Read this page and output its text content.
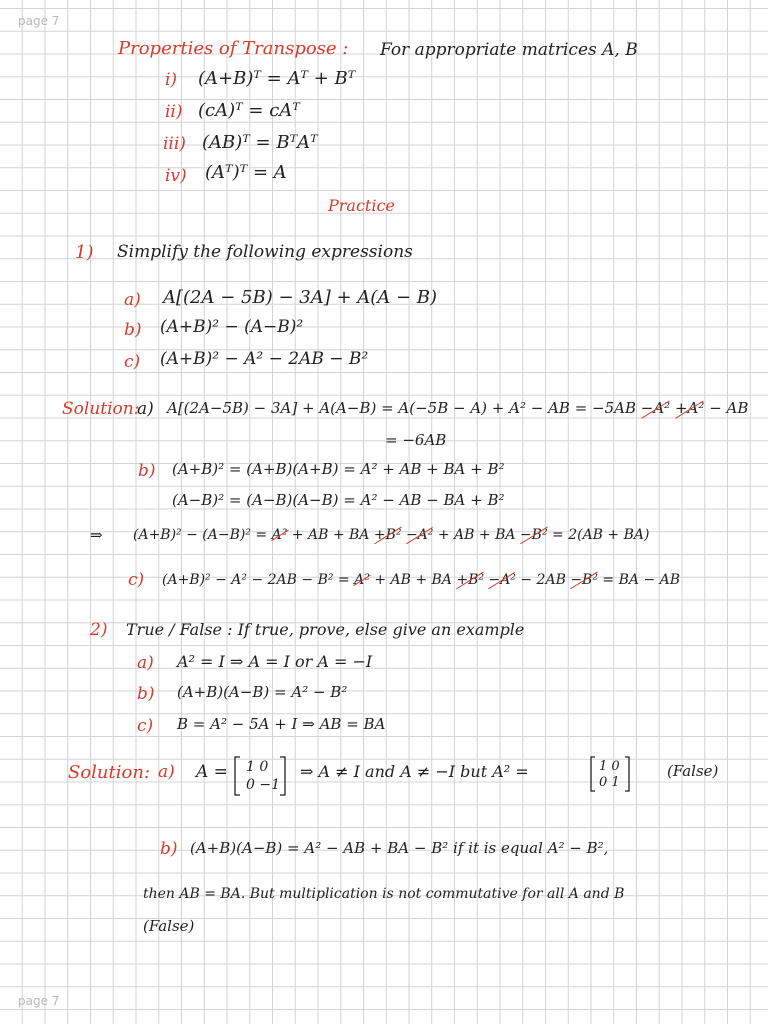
page 7
page 7
Properties of Transpose : For appropriate matrices A, B
i) (A+B)ᵀ = Aᵀ + Bᵀ
ii) (cA)ᵀ = cAᵀ
iii) (AB)ᵀ = BᵀAᵀ
iv) (Aᵀ)ᵀ = A
Practice
1) Simplify the following expressions
a) A[(2A − 5B) − 3A] + A(A − B)
b) (A+B)² − (A−B)²
c) (A+B)² − A² − 2AB − B²
Solution:
a) A[(2A−5B) − 3A] + A(A−B) = A(−5B − A) + A² − AB = −5AB −A² +A² − AB
= −6AB
b) (A+B)² = (A+B)(A+B) = A² + AB + BA + B²
(A−B)² = (A−B)(A−B) = A² − AB − BA + B²
⇒ (A+B)² − (A−B)² = A² + AB + BA +B² −A² + AB + BA −B² = 2(AB + BA)
c) (A+B)² − A² − 2AB − B² = A² + AB + BA +B² −A² − 2AB −B² = BA − AB
2) True / False : If true, prove, else give an example
a) A² = I ⇒ A = I or A = −I
b) (A+B)(A−B) = A² − B²
c) B = A² − 5A + I ⇒ AB = BA
Solution: a) A = 1 0
0 −1
⇒ A ≠ I and A ≠ −I but A² =	1 0
0 1
(False)
b) (A+B)(A−B) = A² − AB + BA − B² if it is equal A² − B²,
then AB = BA. But multiplication is not commutative for all A and B
(False)
